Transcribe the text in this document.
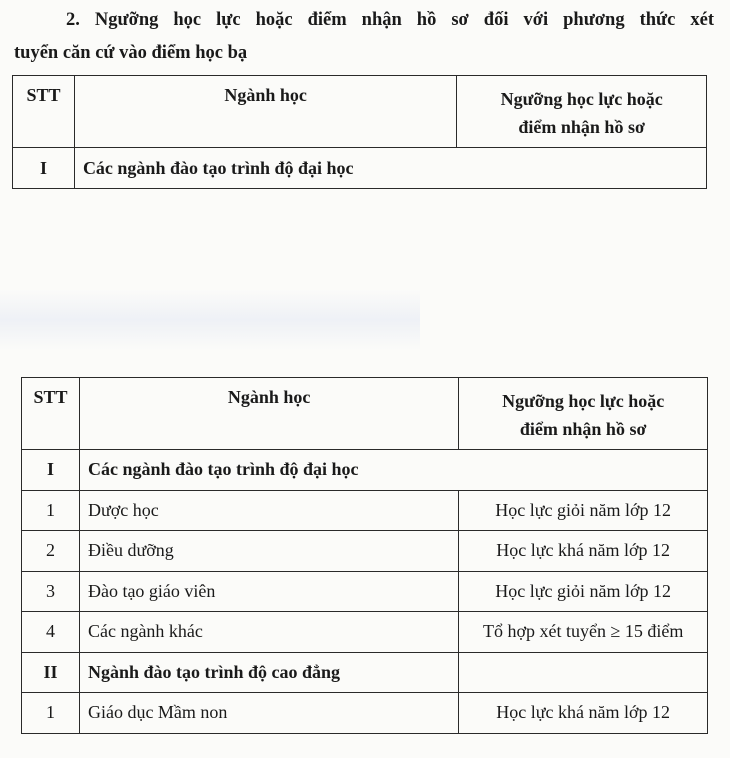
2. Ngưỡng học lực hoặc điểm nhận hồ sơ đối với phương thức xét
tuyển căn cứ vào điểm học bạ
STT	Ngành học	Ngưỡng học lực hoặc
điểm nhận hồ sơ

I	Các ngành đào tạo trình độ đại học	
STT	Ngành học	Ngưỡng học lực hoặc
điểm nhận hồ sơ

I	Các ngành đào tạo trình độ đại học	
1	Dược học	Học lực giỏi năm lớp 12
2	Điều dưỡng	Học lực khá năm lớp 12
3	Đào tạo giáo viên	Học lực giỏi năm lớp 12
4	Các ngành khác	Tổ hợp xét tuyển ≥ 15 điểm
II	Ngành đào tạo trình độ cao đẳng	
1	Giáo dục Mầm non	Học lực khá năm lớp 12
